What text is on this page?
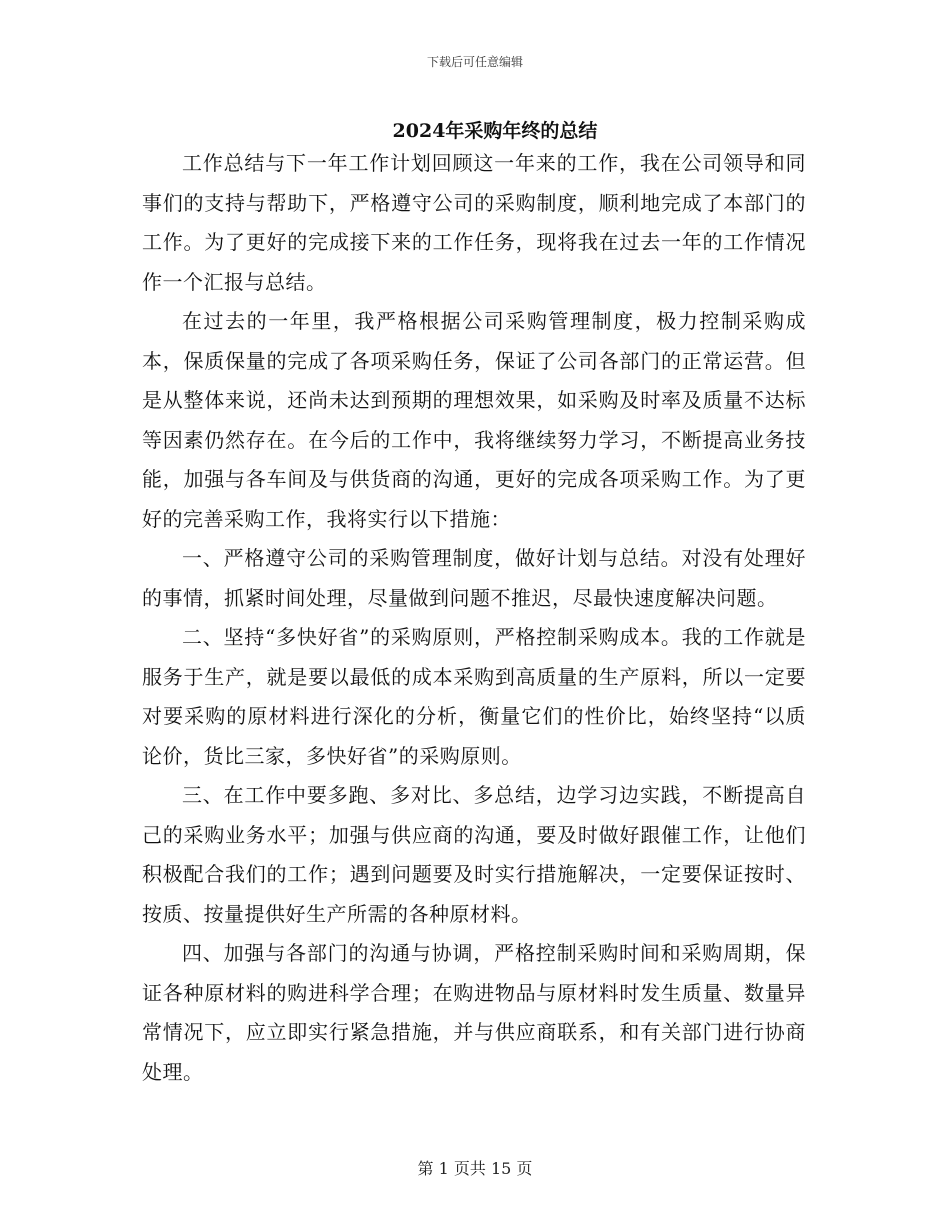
下载后可任意编辑
2024年采购年终的总结

工作总结与下一年工作计划回顾这一年来的工作，我在公司领导和同事们的支持与帮助下，严格遵守公司的采购制度，顺利地完成了本部门的工作。为了更好的完成接下来的工作任务，现将我在过去一年的工作情况作一个汇报与总结。

在过去的一年里，我严格根据公司采购管理制度，极力控制采购成本，保质保量的完成了各项采购任务，保证了公司各部门的正常运营。但是从整体来说，还尚未达到预期的理想效果，如采购及时率及质量不达标等因素仍然存在。在今后的工作中，我将继续努力学习，不断提高业务技能，加强与各车间及与供货商的沟通，更好的完成各项采购工作。为了更好的完善采购工作，我将实行以下措施：

一、严格遵守公司的采购管理制度，做好计划与总结。对没有处理好的事情，抓紧时间处理，尽量做到问题不推迟，尽最快速度解决问题。

二、坚持“多快好省”的采购原则，严格控制采购成本。我的工作就是服务于生产，就是要以最低的成本采购到高质量的生产原料，所以一定要对要采购的原材料进行深化的分析，衡量它们的性价比，始终坚持“以质论价，货比三家，多快好省”的采购原则。

三、在工作中要多跑、多对比、多总结，边学习边实践，不断提高自己的采购业务水平；加强与供应商的沟通，要及时做好跟催工作，让他们积极配合我们的工作；遇到问题要及时实行措施解决，一定要保证按时、按质、按量提供好生产所需的各种原材料。

四、加强与各部门的沟通与协调，严格控制采购时间和采购周期，保证各种原材料的购进科学合理；在购进物品与原材料时发生质量、数量异常情况下，应立即实行紧急措施，并与供应商联系，和有关部门进行协商处理。

第 1 页共 15 页
